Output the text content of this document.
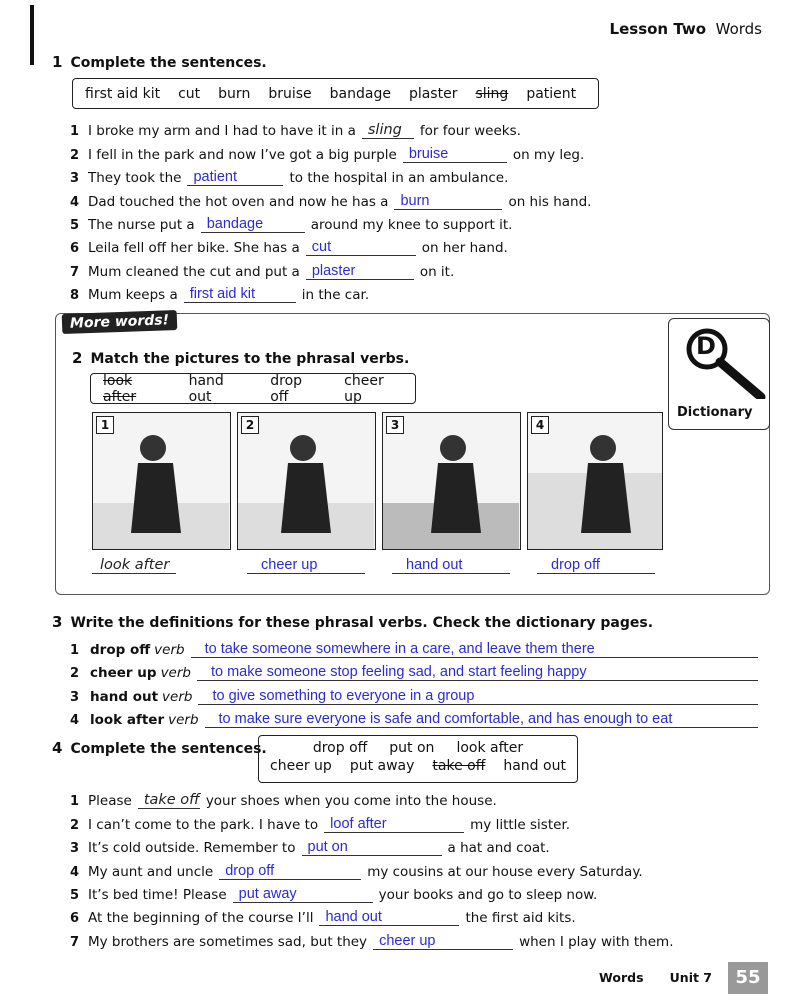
Lesson Two Words
1 Complete the sentences.
first aid kit cut burn bruise bandage plaster sling patient
1 I broke my arm and I had to have it in a sling	for four weeks.
2 I fell in the park and now I’ve got a big purple bruise	on my leg.
3 They took the patient	to the hospital in an ambulance.
4 Dad touched the hot oven and now he has a burn	on his hand.
5 The nurse put a bandage	around my knee to support it.
6 Leila fell off her bike. She has a cut	on her hand.
7 Mum cleaned the cut and put a plaster	on it.
8 Mum keeps a first aid kit	in the car.
More words!
D
Dictionary
2 Match the pictures to the phrasal verbs.
look after
hand out
drop off
cheer up
1
look after
2
cheer up
3
hand out
4
drop off
3 Write the definitions for these phrasal verbs. Check the dictionary pages.
1 drop off verb	to take someone somewhere in a care, and leave them there
2 cheer up verb	to make someone stop feeling sad, and start feeling happy
3 hand out verb	to give something to everyone in a group
4 look after verb	to make sure everyone is safe and comfortable, and has enough to eat
4 Complete the sentences.	drop off put on look after
cheer up put away take off hand out
1 Please take off your shoes when you come into the house.
2 I can’t come to the park. I have to loof after	my little sister.
3 It’s cold outside. Remember to put on	a hat and coat.
4 My aunt and uncle drop off	my cousins at our house every Saturday.
5 It’s bed time! Please put away	your books and go to sleep now.
6 At the beginning of the course I’ll hand out	the first aid kits.
7 My brothers are sometimes sad, but they cheer up	when I play with them.
Words Unit 7	55
